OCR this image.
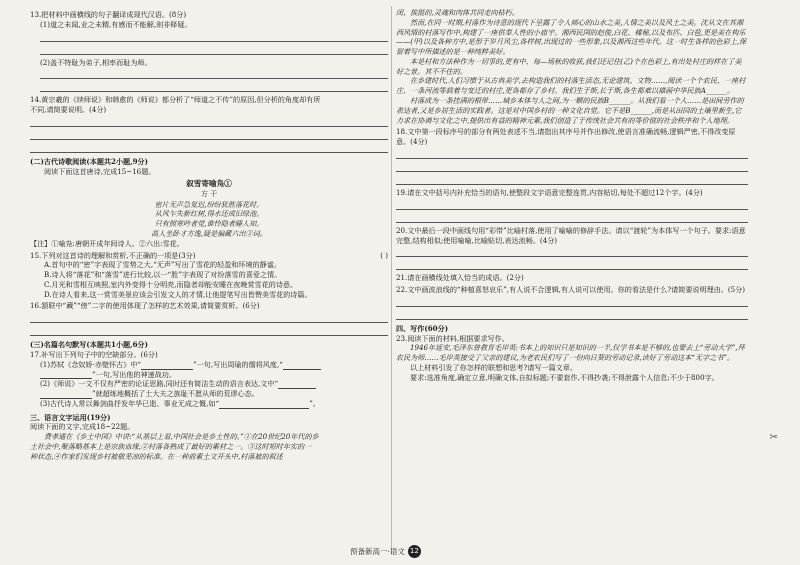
13.把材料中画横线的句子翻译成现代汉语。(8分)

(1)道之未闻,业之未精,有感而不能解,则非释疑。

(2)盖不特耻为弟子,相率而耻为师。

14.黄宗羲的《续师说》和韩愈的《师说》都分析了“师道之不传”的原因,但分析的角度却有所

不同,请简要说明。(4分)

(二)古代诗歌阅读(本题共2小题,9分)

阅读下面这首唐诗,完成15~16题。

叙雪寄喻凫①

方 干

密片无声急复迟,纷纷犹胜落花时。

从风乍失新红树,得水还成旧绿池。

只有照寒吟者觉,谁怜隐者睡人知。

高人坐卧才方逸,疑是偏藏六出②词。

【注】①喻凫:唐朝开成年间诗人。②六出:雪花。

15.下列对这首诗的理解和赏析,不正确的一项是(3分)	( )

A.首句中的“密”字表现了雪势之大,“无声”写出了雪花的轻盈和环境的静谧。

B.诗人将“落花”和“落雪”进行比较,以一“胜”字表现了对纷落雪的喜爱之情。

C.月光和雪相互映照,室内外变得十分明亮,而隐者却能安睡在夜晚赏雪花的诗意。

D.在诗人看来,这一赏雪美景应该会引发文人的才情,让他提笔写出皆赞美雪花的诗篇。

16.颔联中“藏”“傍”二字的使用体现了怎样的艺术效果,请简要赏析。(6分)

(三)名篇名句默写(本题共1小题,6分)

17.补写出下列句子中的空缺部分。(6分)

(1)苏轼《念奴娇·赤壁怀古》中“	”一句,写出周瑜的儒将风度,“

”一句,写出他的神速战功。

(2)《师说》一文不仅有严密的论证思路,同时还有简洁生动的语言表达,文中“

”就超练地概括了土大夫之族耻不愿从师的荒谬心态。

(3)古代诗人常以舞剑曲抒发年华已逝、事业无成之慨,如“	”。

三、语言文字运用(19分)

阅读下面的文字,完成18~22题。

费孝通在《乡土中国》中讲:“从基层上看,中国社会是乡土性的。”①在20世纪20年代的乡

土社会中,聚落略基本上是宗族血缘,②村落各熟成了最好的素材之一。③这时短时年实的一

种状态,④作家们发现乡村被敬芜凉的标准。在一种前素土文开头中,村落被的叙述

闭、挨挺的,灵魂和肉体共同走向枯朽。

然而,在同一时期,村落作为诗意的现代下呈露了令人倾心的山水之美,人情之美以及风土之美。沈从文在其湘西风情的村落写作中,构建了一座供奉人性的小庙宇。湘西民国的赵俊,白花、榛秘,以及布匹、白苞,更是美在构乐——(甲)以及各种方中,是形于岁月风尘,各样树,出现过的一些形象,以及湘西这些年代。这一时生各样的色彩上,保留着写中所描述的是一种纯粹美好。

本是村和方法种作为一切事的,更有中、每—场秋的收获,我们还记住(乙)个在色彩上,有出处村庄的样在了美好之景。其不不住的。

在乡建时代,人们习惯于从古典美学,去构造我们的村落生活态,无论建筑、文物……,阅读一个个农民、一座村庄、一条河流等载着与变迁的村庄,更各都存了乡村。我们生于斯,长于斯,各生都难以描画中华民族A______。

村落成为一条挂满的根带……城乡本体与人之间,为一颗的民族B______。从我们看一个人……是田间劳作的表达者,又是乡居生活的实践者。这是对中国乡村的一种文化自觉。它不是B______,而是从田园的土壤里新生,它力求在协调与文化之中,提供出有益的精神元素,我们创造了于传统社会共有的等价值的社会秩序和个人地理。

18.文中第一段标序号的部分有两处表述不当,请指出其序号并作出修改,使语言准确流畅,逻辑严密,不得改变原意。(4分)

19.请在文中括号内补充恰当的语句,使整段文字语意完整连贯,内容贴切,每处不超过12个字。(4分)

20.文中最后一段中画线句用“彩带”比喻村落,使用了喻喻的修辞手法。请以“渡轮”为本体写一个句子。要求:语意完整,结构相似;使用喻喻,比喻贴切,表达流畅。(4分)

21.请在画横线处填入恰当的成语。(2分)

22.文中画波浪线的“种植喜怒哀乐”,有人说不合逻辑,有人说可以使用。你的看法是什么?请简要说明理由。(5分)

四、写作(60分)

23.阅读下面的材料,根据要求写作。

1946年延安,毛泽东曾教育毛岸英:书本上的知识只是知识的一半,仅学书本是不够的,也要去上“劳动大学”,拜农民为师……毛岸英接受了父亲的建议,为老农民们写了一份向日葵的劳动记录,读好了劳动这本“无字之书”。

以上材料引发了你怎样的联想和思考?请写一篇文章。

要求:选准角度,确定立意,明确文体,自拟标题;不要套作,不得抄袭;不得泄露个人信息;不少于800字。

✂
预备新高一·语文 12
